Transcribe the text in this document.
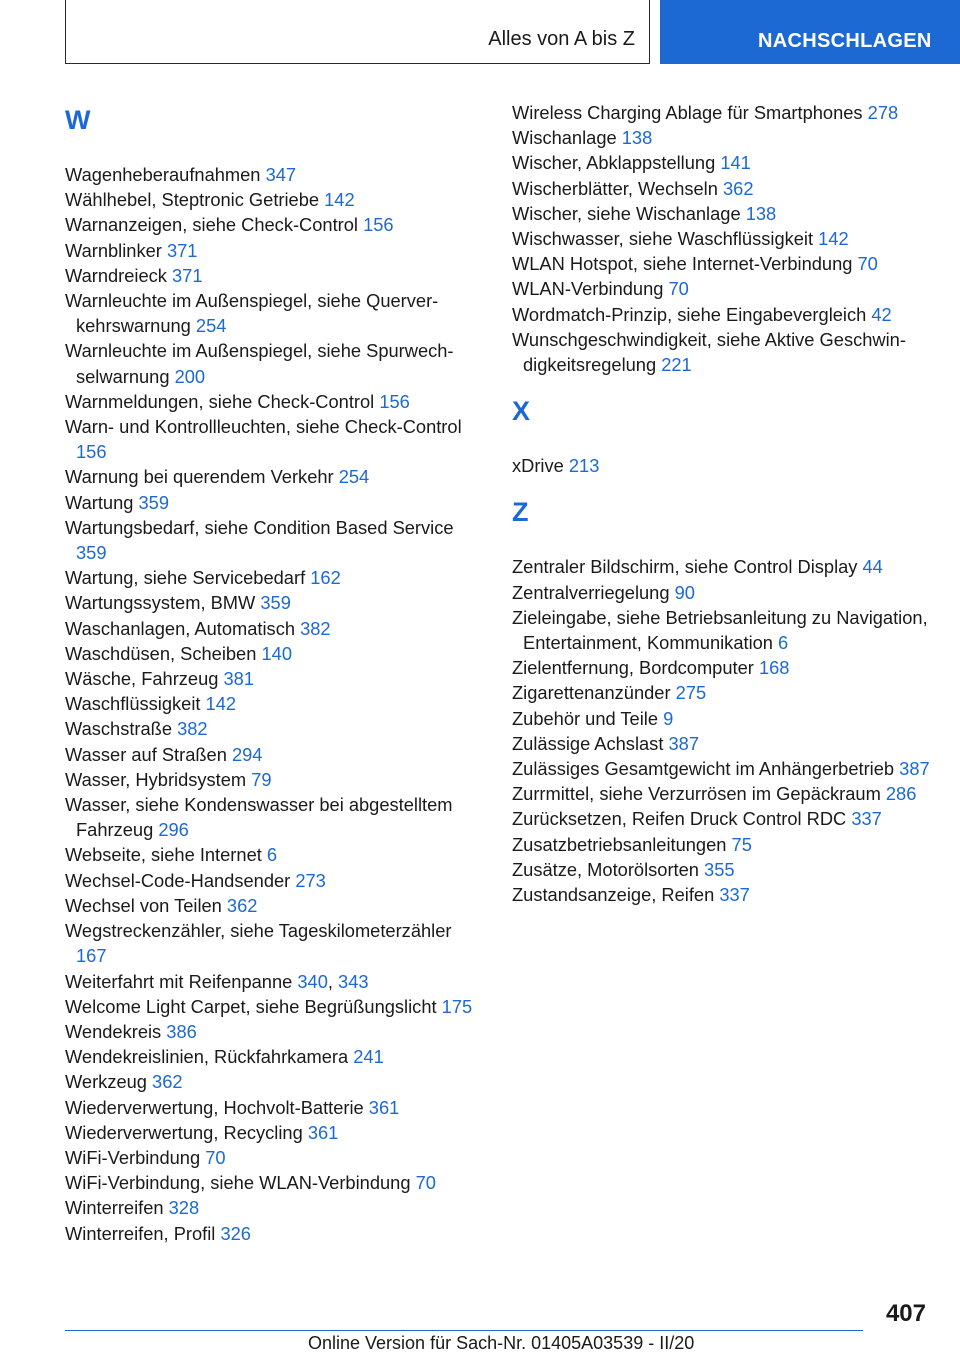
Alles von A bis Z	NACHSCHLAGEN
W
Wagenheberaufnahmen 347
Wählhebel, Steptronic Getriebe 142
Warnanzeigen, siehe Check-Control 156
Warnblinker 371
Warndreieck 371
Warnleuchte im Außenspiegel, siehe Querverkehrswarnung 254
Warnleuchte im Außenspiegel, siehe Spurwechselwarnung 200
Warnmeldungen, siehe Check-Control 156
Warn- und Kontrollleuchten, siehe Check-Control 156
Warnung bei querendem Verkehr 254
Wartung 359
Wartungsbedarf, siehe Condition Based Service 359
Wartung, siehe Servicebedarf 162
Wartungssystem, BMW 359
Waschanlagen, Automatisch 382
Waschdüsen, Scheiben 140
Wäsche, Fahrzeug 381
Waschflüssigkeit 142
Waschstraße 382
Wasser auf Straßen 294
Wasser, Hybridsystem 79
Wasser, siehe Kondenswasser bei abgestelltem Fahrzeug 296
Webseite, siehe Internet 6
Wechsel-Code-Handsender 273
Wechsel von Teilen 362
Wegstreckenzähler, siehe Tageskilometerzähler 167
Weiterfahrt mit Reifenpanne 340, 343
Welcome Light Carpet, siehe Begrüßungslicht 175
Wendekreis 386
Wendekreislinien, Rückfahrkamera 241
Werkzeug 362
Wiederverwertung, Hochvolt-Batterie 361
Wiederverwertung, Recycling 361
WiFi-Verbindung 70
WiFi-Verbindung, siehe WLAN-Verbindung 70
Winterreifen 328
Winterreifen, Profil 326
Wireless Charging Ablage für Smartphones 278
Wischanlage 138
Wischer, Abklappstellung 141
Wischerblätter, Wechseln 362
Wischer, siehe Wischanlage 138
Wischwasser, siehe Waschflüssigkeit 142
WLAN Hotspot, siehe Internet-Verbindung 70
WLAN-Verbindung 70
Wordmatch-Prinzip, siehe Eingabevergleich 42
Wunschgeschwindigkeit, siehe Aktive Geschwindigkeitsregelung 221
X
xDrive 213
Z
Zentraler Bildschirm, siehe Control Display 44
Zentralverriegelung 90
Zieleingabe, siehe Betriebsanleitung zu Navigation, Entertainment, Kommunikation 6
Zielentfernung, Bordcomputer 168
Zigarettenanzünder 275
Zubehör und Teile 9
Zulässige Achslast 387
Zulässiges Gesamtgewicht im Anhängerbetrieb 387
Zurrmittel, siehe Verzurrösen im Gepäckraum 286
Zurücksetzen, Reifen Druck Control RDC 337
Zusatzbetriebsanleitungen 75
Zusätze, Motorölsorten 355
Zustandsanzeige, Reifen 337
407
Online Version für Sach-Nr. 01405A03539 - II/20
